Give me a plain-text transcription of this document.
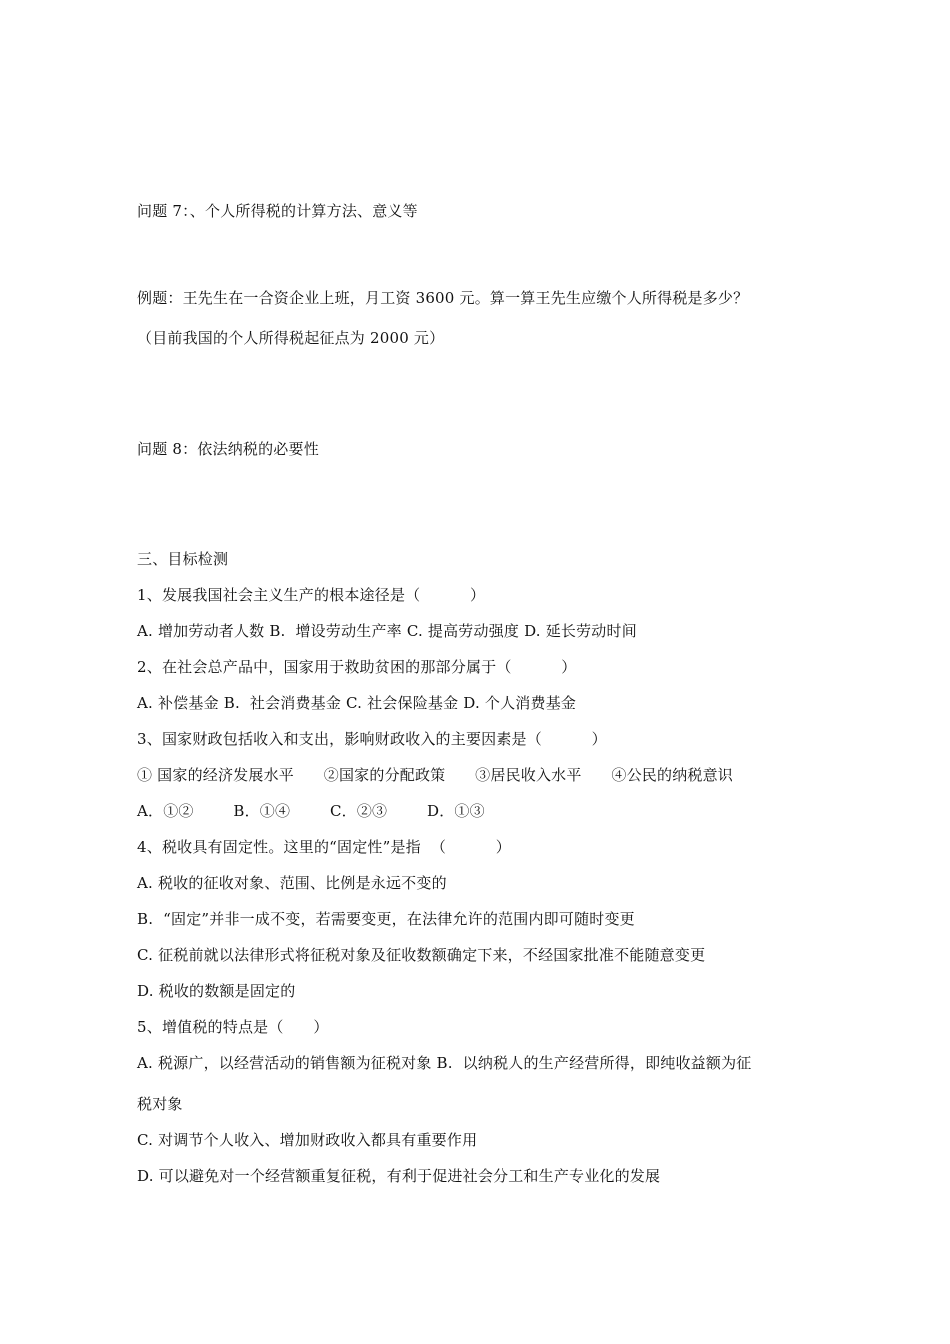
问题 7：、个人所得税的计算方法、意义等
例题：王先生在一合资企业上班，月工资 3600 元。算一算王先生应缴个人所得税是多少？
（目前我国的个人所得税起征点为 2000 元）
问题 8：依法纳税的必要性
三、目标检测
1、发展我国社会主义生产的根本途径是（          ）
A. 增加劳动者人数 B.  增设劳动生产率 C. 提高劳动强度 D. 延长劳动时间
2、在社会总产品中，国家用于救助贫困的那部分属于（          ）
A. 补偿基金 B.  社会消费基金 C. 社会保险基金 D. 个人消费基金
3、国家财政包括收入和支出，影响财政收入的主要因素是（          ）
① 国家的经济发展水平      ②国家的分配政策      ③居民收入水平      ④公民的纳税意识
A．①②        B．①④        C．②③        D．①③
4、税收具有固定性。这里的“固定性”是指  （          ）
A. 税收的征收对象、范围、比例是永远不变的
B.  “固定”并非一成不变，若需要变更，在法律允许的范围内即可随时变更
C. 征税前就以法律形式将征税对象及征收数额确定下来，不经国家批准不能随意变更
D. 税收的数额是固定的
5、增值税的特点是（      ）
A. 税源广，以经营活动的销售额为征税对象 B.  以纳税人的生产经营所得，即纯收益额为征
税对象
C. 对调节个人收入、增加财政收入都具有重要作用
D. 可以避免对一个经营额重复征税，有利于促进社会分工和生产专业化的发展
